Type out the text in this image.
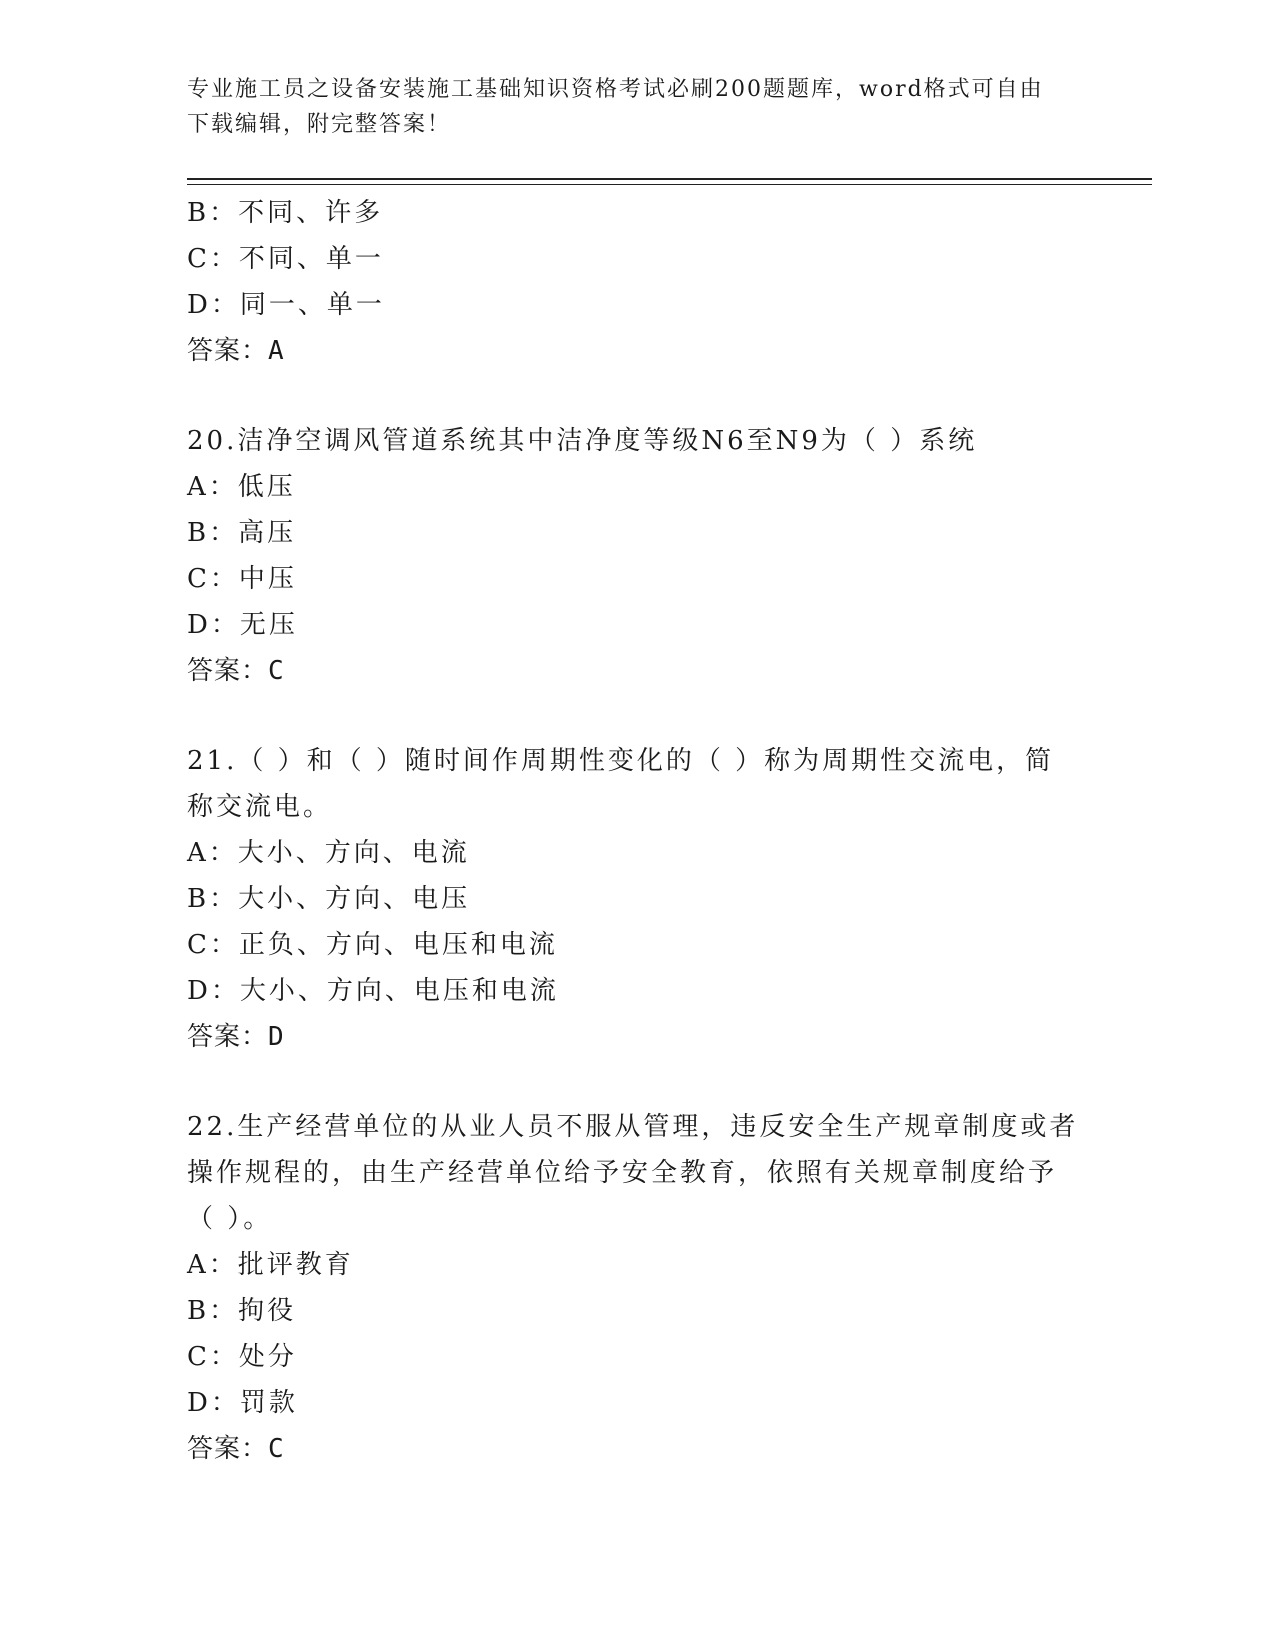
专业施工员之设备安装施工基础知识资格考试必刷200题题库，word格式可自由
下载编辑，附完整答案！
B：不同、许多
C：不同、单一
D：同一、单一
答案：A
20.洁净空调风管道系统其中洁净度等级N6至N9为（ ）系统
A：低压
B：高压
C：中压
D：无压
答案：C
21.（ ）和（ ）随时间作周期性变化的（ ）称为周期性交流电，简
称交流电。
A：大小、方向、电流
B：大小、方向、电压
C：正负、方向、电压和电流
D：大小、方向、电压和电流
答案：D
22.生产经营单位的从业人员不服从管理，违反安全生产规章制度或者
操作规程的，由生产经营单位给予安全教育，依照有关规章制度给予
（ ）。
A：批评教育
B：拘役
C：处分
D：罚款
答案：C
